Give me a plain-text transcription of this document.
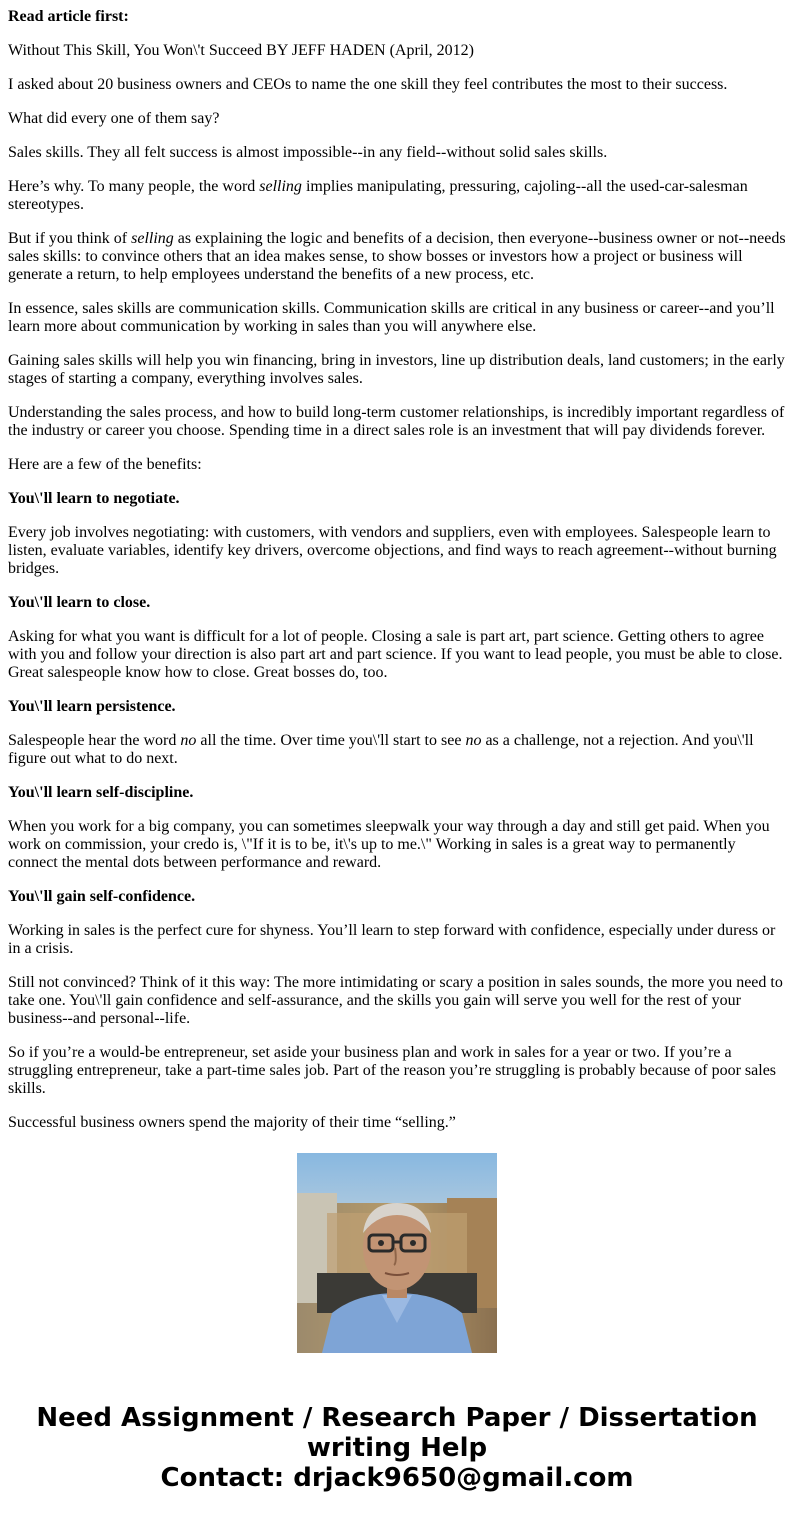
Read article first:

Without This Skill, You Won\'t Succeed BY JEFF HADEN (April, 2012)

I asked about 20 business owners and CEOs to name the one skill they feel contributes the most to their success.

What did every one of them say?

Sales skills. They all felt success is almost impossible--in any field--without solid sales skills.

Here’s why. To many people, the word selling implies manipulating, pressuring, cajoling--all the used-car-salesman stereotypes.

But if you think of selling as explaining the logic and benefits of a decision, then everyone--business owner or not--needs sales skills: to convince others that an idea makes sense, to show bosses or investors how a project or business will generate a return, to help employees understand the benefits of a new process, etc.

In essence, sales skills are communication skills. Communication skills are critical in any business or career--and you’ll learn more about communication by working in sales than you will anywhere else.

Gaining sales skills will help you win financing, bring in investors, line up distribution deals, land customers; in the early stages of starting a company, everything involves sales.

Understanding the sales process, and how to build long-term customer relationships, is incredibly important regardless of the industry or career you choose. Spending time in a direct sales role is an investment that will pay dividends forever.

Here are a few of the benefits:

You\'ll learn to negotiate.

Every job involves negotiating: with customers, with vendors and suppliers, even with employees. Salespeople learn to listen, evaluate variables, identify key drivers, overcome objections, and find ways to reach agreement--without burning bridges.

You\'ll learn to close.

Asking for what you want is difficult for a lot of people. Closing a sale is part art, part science. Getting others to agree with you and follow your direction is also part art and part science. If you want to lead people, you must be able to close. Great salespeople know how to close. Great bosses do, too.

You\'ll learn persistence.

Salespeople hear the word no all the time. Over time you\'ll start to see no as a challenge, not a rejection. And you\'ll figure out what to do next.

You\'ll learn self-discipline.

When you work for a big company, you can sometimes sleepwalk your way through a day and still get paid. When you work on commission, your credo is, \"If it is to be, it\'s up to me.\" Working in sales is a great way to permanently connect the mental dots between performance and reward.

You\'ll gain self-confidence.

Working in sales is the perfect cure for shyness. You’ll learn to step forward with confidence, especially under duress or in a crisis.

Still not convinced? Think of it this way: The more intimidating or scary a position in sales sounds, the more you need to take one. You\'ll gain confidence and self-assurance, and the skills you gain will serve you well for the rest of your business--and personal--life.

So if you’re a would-be entrepreneur, set aside your business plan and work in sales for a year or two. If you’re a struggling entrepreneur, take a part-time sales job. Part of the reason you’re struggling is probably because of poor sales skills.

Successful business owners spend the majority of their time “selling.”

Need Assignment / Research Paper / Dissertation
writing Help
Contact: drjack9650@gmail.com
